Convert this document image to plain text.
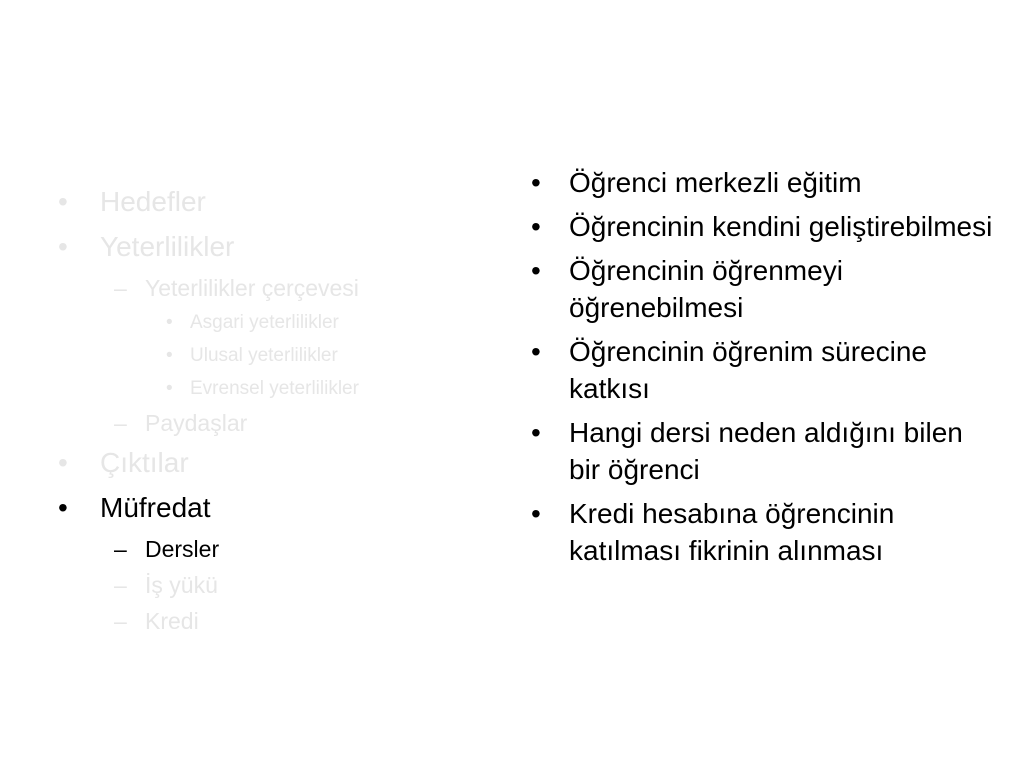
• Hedefler
• Yeterlilikler
– Yeterlilikler çerçevesi
• Asgari yeterlilikler
• Ulusal yeterlilikler
• Evrensel yeterlilikler
– Paydaşlar
• Çıktılar
• Müfredat
– Dersler
– İş yükü
– Kredi
• Öğrenci merkezli eğitim
• Öğrencinin kendini geliştirebilmesi
• Öğrencinin öğrenmeyi öğrenebilmesi
• Öğrencinin öğrenim sürecine katkısı
• Hangi dersi neden aldığını bilen bir öğrenci
• Kredi hesabına öğrencinin katılması fikrinin alınması
